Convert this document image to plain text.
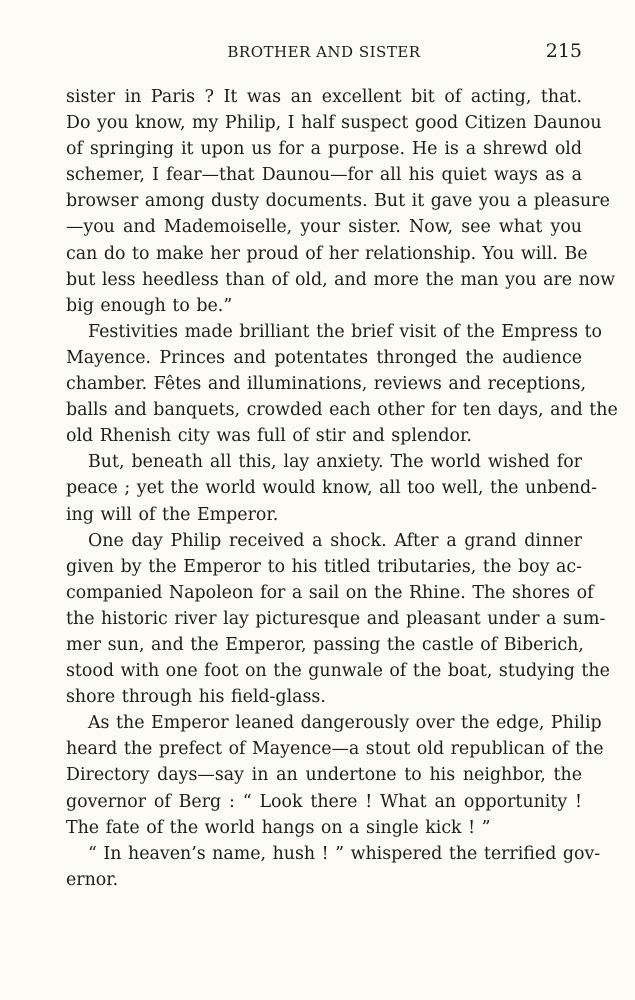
BROTHER AND SISTER	215
sister in Paris ? It was an excellent bit of acting, that.
Do you know, my Philip, I half suspect good Citizen Daunou
of springing it upon us for a purpose. He is a shrewd old
schemer, I fear—that Daunou—for all his quiet ways as a
browser among dusty documents. But it gave you a pleasure
—you and Mademoiselle, your sister. Now, see what you
can do to make her proud of her relationship. You will. Be
but less heedless than of old, and more the man you are now
big enough to be.”
Festivities made brilliant the brief visit of the Empress to
Mayence. Princes and potentates thronged the audience
chamber. Fêtes and illuminations, reviews and receptions,
balls and banquets, crowded each other for ten days, and the
old Rhenish city was full of stir and splendor.
But, beneath all this, lay anxiety. The world wished for
peace ; yet the world would know, all too well, the unbend-
ing will of the Emperor.
One day Philip received a shock. After a grand dinner
given by the Emperor to his titled tributaries, the boy ac-
companied Napoleon for a sail on the Rhine. The shores of
the historic river lay picturesque and pleasant under a sum-
mer sun, and the Emperor, passing the castle of Biberich,
stood with one foot on the gunwale of the boat, studying the
shore through his field-glass.
As the Emperor leaned dangerously over the edge, Philip
heard the prefect of Mayence—a stout old republican of the
Directory days—say in an undertone to his neighbor, the
governor of Berg : “ Look there ! What an opportunity !
The fate of the world hangs on a single kick ! ”
“ In heaven’s name, hush ! ” whispered the terrified gov-
ernor.
